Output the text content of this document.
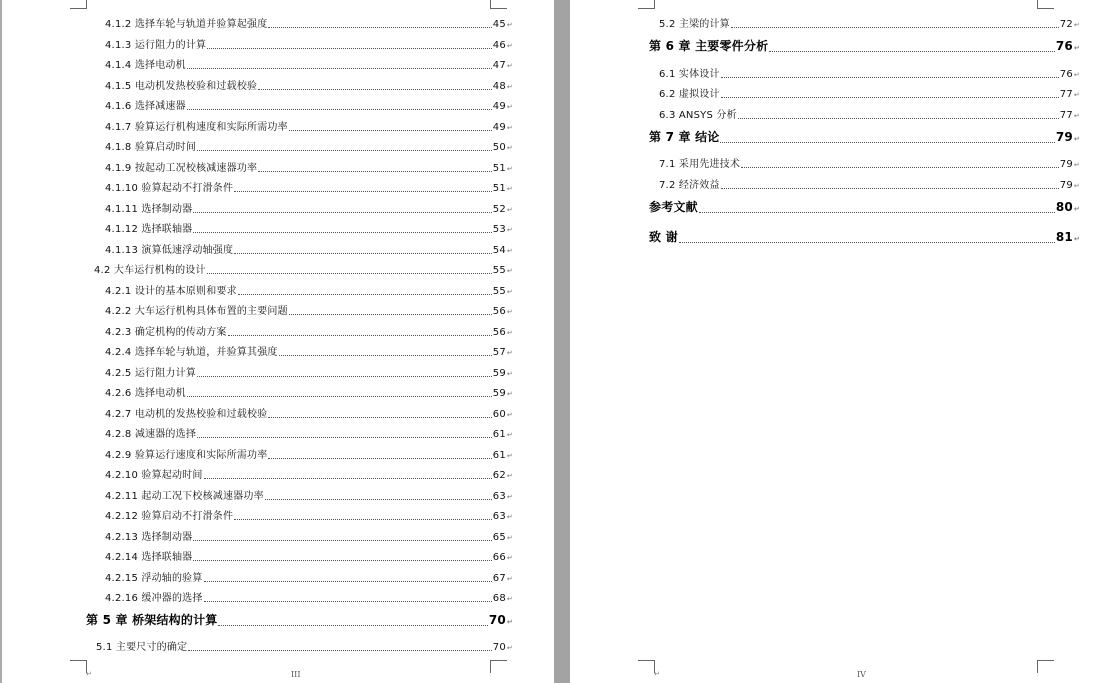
4.1.2 选择车轮与轨道并验算起强度	45 ↵
4.1.3 运行阻力的计算	46 ↵
4.1.4 选择电动机	47 ↵
4.1.5 电动机发热校验和过载校验	48 ↵
4.1.6 选择减速器	49 ↵
4.1.7 验算运行机构速度和实际所需功率	49 ↵
4.1.8 验算启动时间	50 ↵
4.1.9 按起动工况校核减速器功率	51 ↵
4.1.10 验算起动不打滑条件	51 ↵
4.1.11 选择制动器	52 ↵
4.1.12 选择联轴器	53 ↵
4.1.13 演算低速浮动轴强度	54 ↵
4.2 大车运行机构的设计	55 ↵
4.2.1 设计的基本原则和要求	55 ↵
4.2.2 大车运行机构具体布置的主要问题	56 ↵
4.2.3 确定机构的传动方案	56 ↵
4.2.4 选择车轮与轨道，并验算其强度	57 ↵
4.2.5 运行阻力计算	59 ↵
4.2.6 选择电动机	59 ↵
4.2.7 电动机的发热校验和过载校验	60 ↵
4.2.8 减速器的选择	61 ↵
4.2.9 验算运行速度和实际所需功率	61 ↵
4.2.10 验算起动时间	62 ↵
4.2.11 起动工况下校核减速器功率	63 ↵
4.2.12 验算启动不打滑条件	63 ↵
4.2.13 选择制动器	65 ↵
4.2.14 选择联轴器	66 ↵
4.2.15 浮动轴的验算	67 ↵
4.2.16 缓冲器的选择	68 ↵
第 5 章 桥架结构的计算	70 ↵
5.1 主要尺寸的确定	70 ↵
↵	III
5.2 主梁的计算	72 ↵
第 6 章 主要零件分析	76 ↵
6.1 实体设计	76 ↵
6.2 虚拟设计	77 ↵
6.3 ANSYS 分析	77 ↵
第 7 章 结论	79 ↵
7.1 采用先进技术	79 ↵
7.2 经济效益	79 ↵
参考文献	80 ↵
致 谢	81 ↵
↵	IV
